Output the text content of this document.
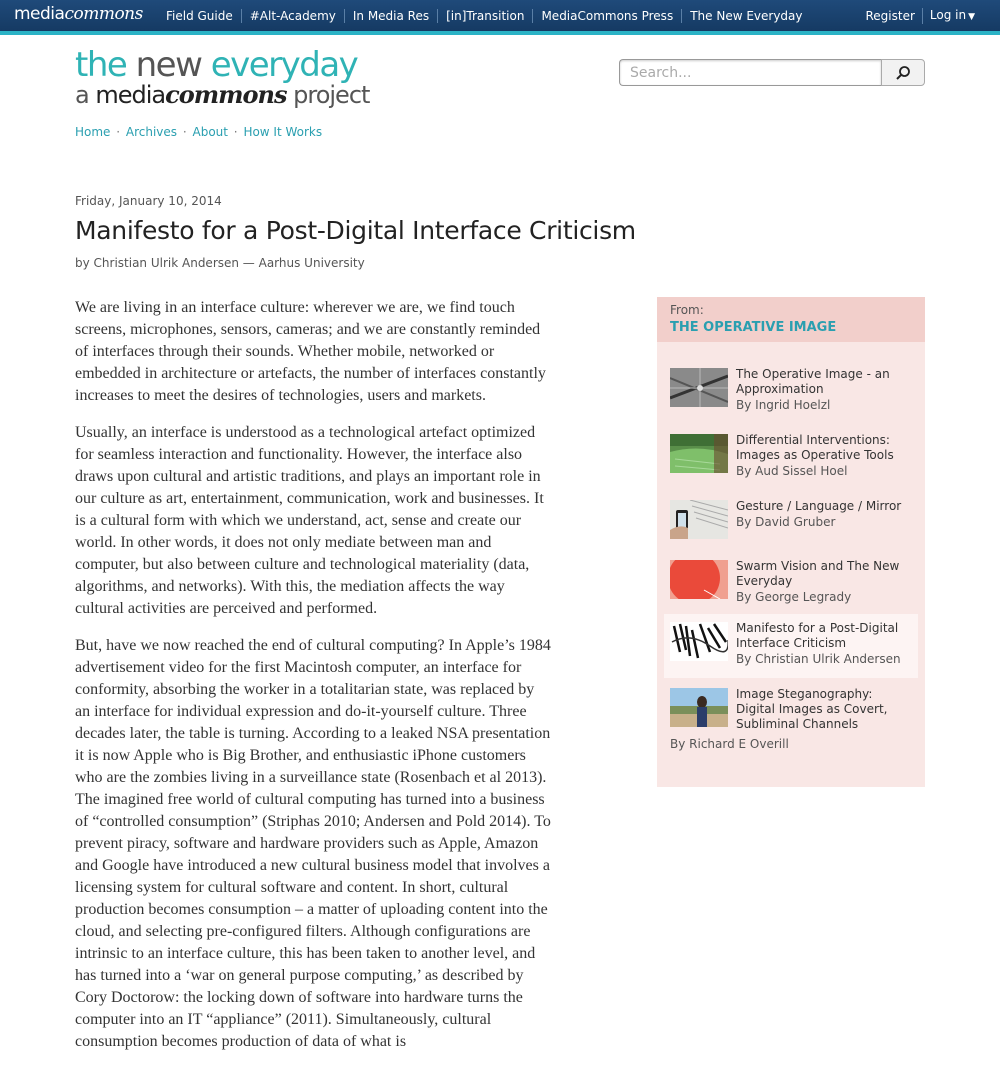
mediacommons	Field Guide	#Alt-Academy	In Media Res	[in]Transition	MediaCommons Press	The New Everyday	Register	Log in ▼
the new everyday
a mediacommons project
Search...
Home · Archives · About · How It Works
Friday, January 10, 2014
Manifesto for a Post-Digital Interface Criticism
by Christian Ulrik Andersen — Aarhus University

We are living in an interface culture: wherever we are, we find touch screens, microphones, sensors, cameras; and we are constantly reminded of interfaces through their sounds. Whether mobile, networked or embedded in architecture or artefacts, the number of interfaces constantly increases to meet the desires of technologies, users and markets.

Usually, an interface is understood as a technological artefact optimized for seamless interaction and functionality. However, the interface also draws upon cultural and artistic traditions, and plays an important role in our culture as art, entertainment, communication, work and businesses. It is a cultural form with which we understand, act, sense and create our world. In other words, it does not only mediate between man and computer, but also between culture and technological materiality (data, algorithms, and networks). With this, the mediation affects the way cultural activities are perceived and performed.

But, have we now reached the end of cultural computing? In Apple’s 1984 advertisement video for the first Macintosh computer, an interface for conformity, absorbing the worker in a totalitarian state, was replaced by an interface for individual expression and do-it-yourself culture. Three decades later, the table is turning. According to a leaked NSA presentation it is now Apple who is Big Brother, and enthusiastic iPhone customers who are the zombies living in a surveillance state (Rosenbach et al 2013). The imagined free world of cultural computing has turned into a business of “controlled consumption” (Striphas 2010; Andersen and Pold 2014). To prevent piracy, software and hardware providers such as Apple, Amazon and Google have introduced a new cultural business model that involves a licensing system for cultural software and content. In short, cultural production becomes consumption – a matter of uploading content into the cloud, and selecting pre-configured filters. Although configurations are intrinsic to an interface culture, this has been taken to another level, and has turned into a ‘war on general purpose computing,’ as described by Cory Doctorow: the locking down of software into hardware turns the computer into an IT “appliance” (2011). Simultaneously, cultural consumption becomes production of data of what is

From:
THE OPERATIVE IMAGE
The Operative Image - an Approximation
By Ingrid Hoelzl
Differential Interventions: Images as Operative Tools
By Aud Sissel Hoel
Gesture / Language / Mirror
By David Gruber
Swarm Vision and The New Everyday
By George Legrady
Manifesto for a Post-Digital Interface Criticism
By Christian Ulrik Andersen
Image Steganography: Digital Images as Covert, Subliminal Channels
By Richard E Overill
